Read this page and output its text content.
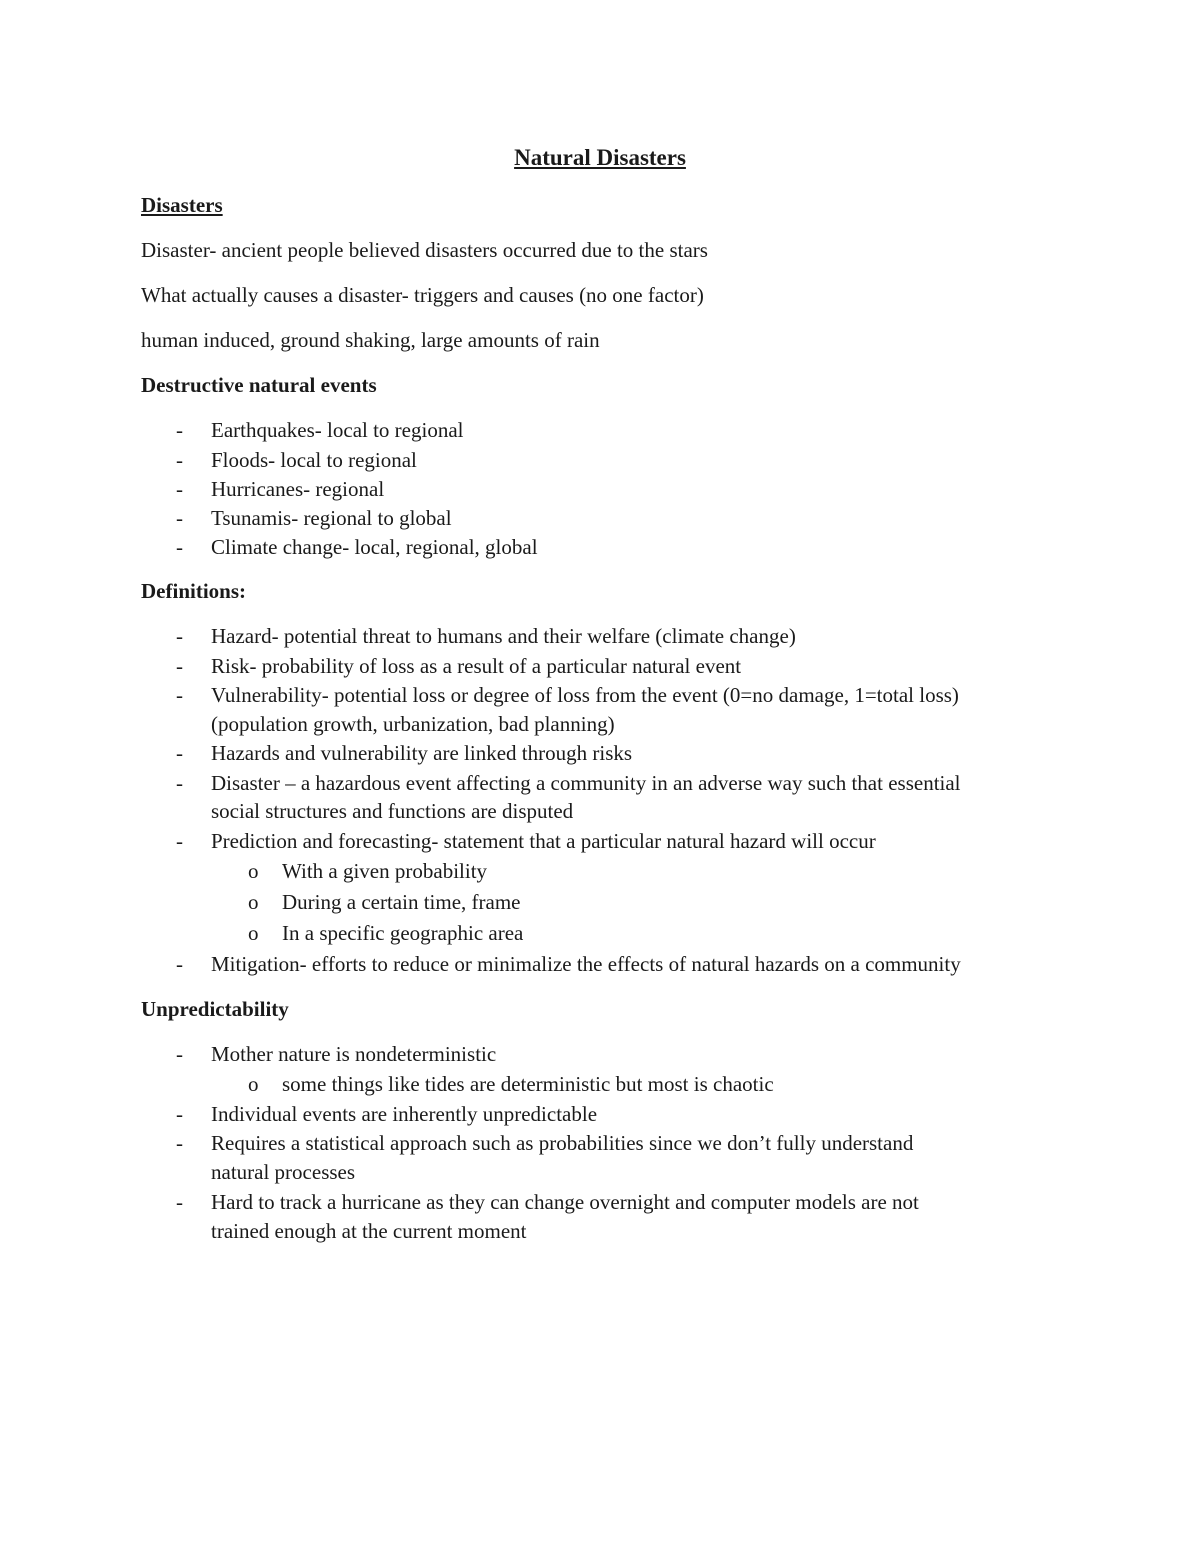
Natural Disasters
Disasters
Disaster- ancient people believed disasters occurred due to the stars
What actually causes a disaster- triggers and causes (no one factor)
human induced, ground shaking, large amounts of rain
Destructive natural events
- Earthquakes- local to regional
- Floods- local to regional
- Hurricanes- regional
- Tsunamis- regional to global
- Climate change- local, regional, global
Definitions:
- Hazard- potential threat to humans and their welfare (climate change)
- Risk- probability of loss as a result of a particular natural event
- Vulnerability- potential loss or degree of loss from the event (0=no damage, 1=total loss)
(population growth, urbanization, bad planning)
- Hazards and vulnerability are linked through risks
- Disaster – a hazardous event affecting a community in an adverse way such that essential
social structures and functions are disputed
- Prediction and forecasting- statement that a particular natural hazard will occur
o With a given probability
o During a certain time, frame
o In a specific geographic area
- Mitigation- efforts to reduce or minimalize the effects of natural hazards on a community
Unpredictability
- Mother nature is nondeterministic
o some things like tides are deterministic but most is chaotic
- Individual events are inherently unpredictable
- Requires a statistical approach such as probabilities since we don’t fully understand
natural processes
- Hard to track a hurricane as they can change overnight and computer models are not
trained enough at the current moment
